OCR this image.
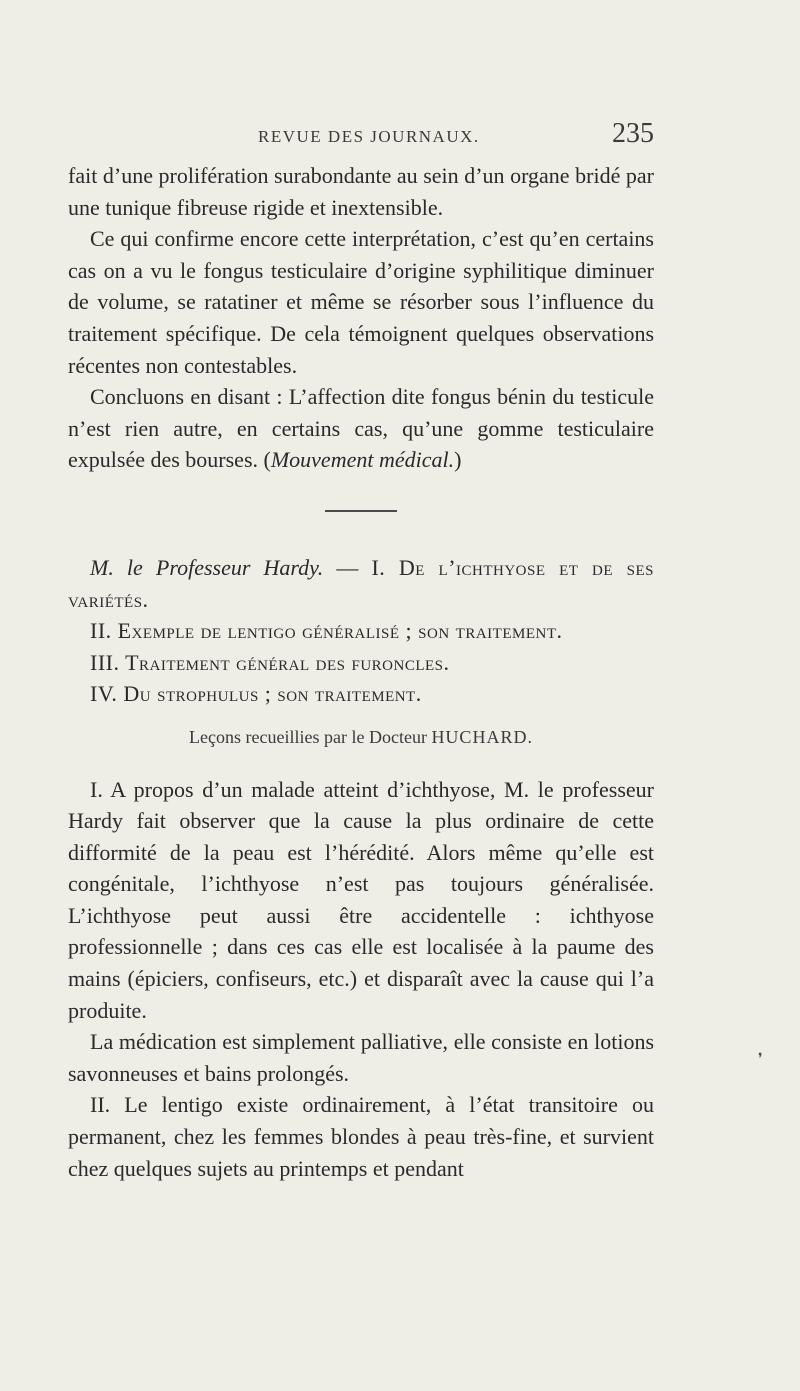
REVUE DES JOURNAUX.	235

fait d’une prolifération surabondante au sein d’un organe bridé par une tunique fibreuse rigide et inextensible.

Ce qui confirme encore cette interprétation, c’est qu’en certains cas on a vu le fongus testiculaire d’origine syphilitique diminuer de volume, se ratatiner et même se résorber sous l’influence du traitement spécifique. De cela témoignent quelques observations récentes non contestables.

Concluons en disant : L’affection dite fongus bénin du testicule n’est rien autre, en certains cas, qu’une gomme testiculaire expulsée des bourses. (Mouvement médical.)

M. le Professeur Hardy. — I. De l’ichthyose et de ses variétés.
II. Exemple de lentigo généralisé ; son traitement.
III. Traitement général des furoncles.
IV. Du strophulus ; son traitement.
Leçons recueillies par le Docteur HUCHARD.

I. A propos d’un malade atteint d’ichthyose, M. le professeur Hardy fait observer que la cause la plus ordinaire de cette difformité de la peau est l’hérédité. Alors même qu’elle est congénitale, l’ichthyose n’est pas toujours généralisée. L’ichthyose peut aussi être accidentelle : ichthyose professionnelle ; dans ces cas elle est localisée à la paume des mains (épiciers, confiseurs, etc.) et disparaît avec la cause qui l’a produite.

La médication est simplement palliative, elle consiste en lotions savonneuses et bains prolongés.

II. Le lentigo existe ordinairement, à l’état transitoire ou permanent, chez les femmes blondes à peau très-fine, et survient chez quelques sujets au printemps et pendant

❜
